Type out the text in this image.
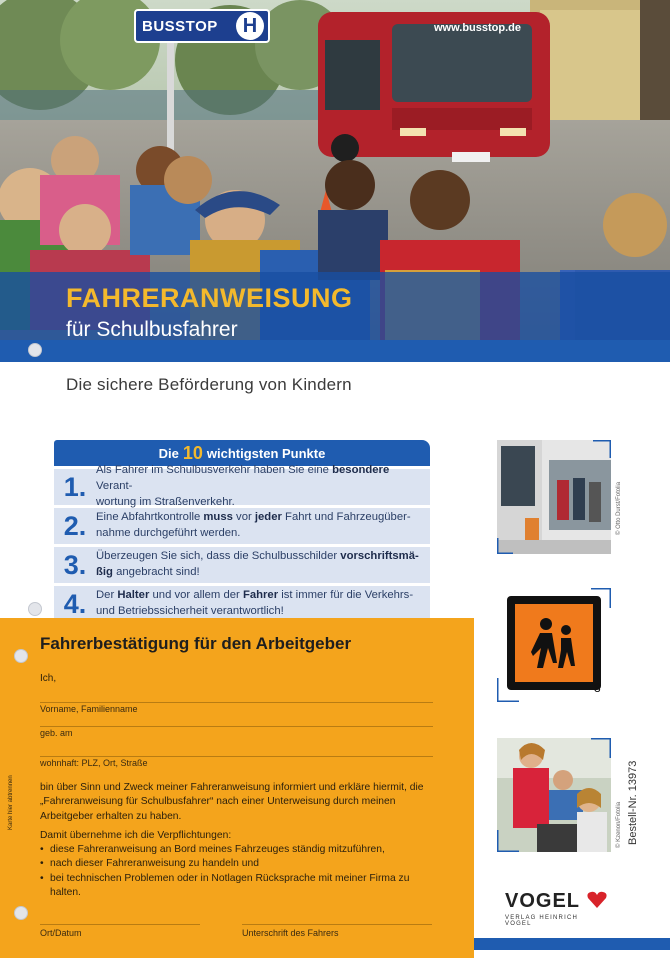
BUSSTOP	H	www.busstop.de
FAHRERANWEISUNG
für Schulbusfahrer
Die sichere Beförderung von Kindern
Die 10 wichtigsten Punkte
1.
Als Fahrer im Schulbusverkehr haben Sie eine besondere Verant-
wortung im Straßenverkehr.
2. Eine Abfahrtkontrolle muss vor jeder Fahrt und Fahrzeugüber-
nahme durchgeführt werden.
3. Überzeugen Sie sich, dass die Schulbusschilder vorschriftsmä-
ßig angebracht sind!
4. Der Halter und vor allem der Fahrer ist immer für die Verkehrs-
und Betriebssicherheit verantwortlich!
Fahrerbestätigung für den Arbeitgeber
Ich,
Vorname, Familienname
geb. am
wohnhaft: PLZ, Ort, Straße
bin über Sinn und Zweck meiner Fahreranweisung informiert und erkläre hiermit, die „Fahreranweisung für Schulbusfahrer“ nach einer Unterweisung durch meinen Arbeitgeber erhalten zu haben.
Damit übernehme ich die Verpflichtungen:
• diese Fahreranweisung an Bord meines Fahrzeuges ständig mitzuführen,
• nach dieser Fahreranweisung zu handeln und
• bei technischen Problemen oder in Notlagen Rücksprache mit meiner Firma zu halten.
Ort/Datum	Unterschrift des Fahrers
Karte hier abtrennen
© Otto Durst/Fotolia
3
© Kzenon/Fotolia Bestell-Nr. 13973
VOGEL
VERLAG HEINRICH VOGEL
